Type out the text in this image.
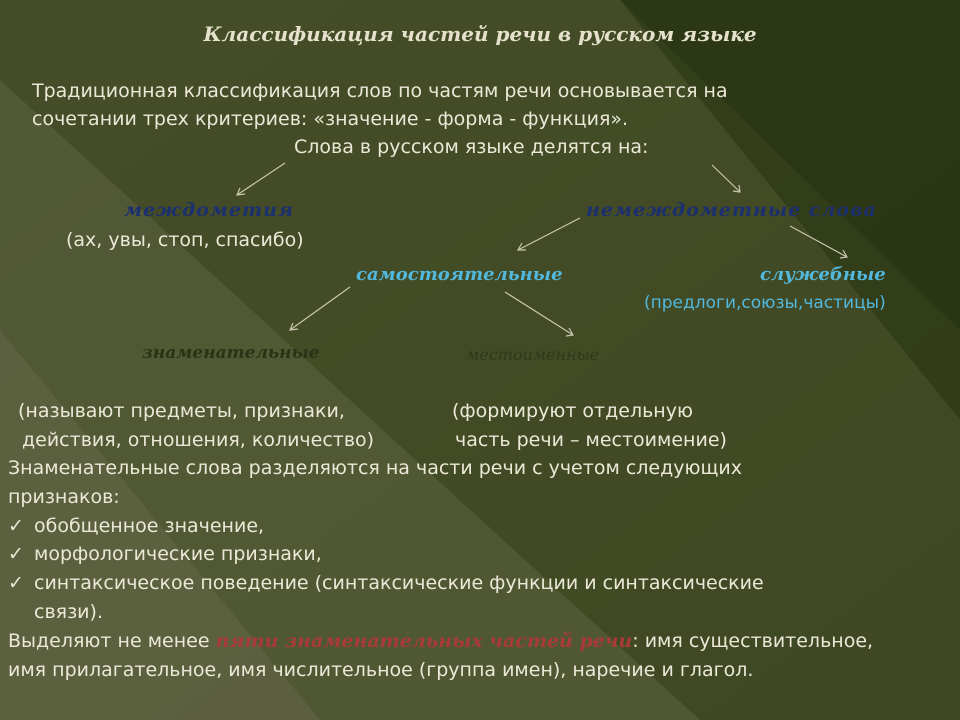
Классификация частей речи в русском языке
Традиционная классификация слов по частям речи основывается на
сочетании трех критериев: «значение - форма - функция».
Слова в русском языке делятся на:
междометия
(ах, увы, стоп, спасибо)
немеждометные слова
самостоятельные	служебные
(предлоги,союзы,частицы)
знаменательные	местоименные
(называют предметы, признаки,
действия, отношения, количество)
(формируют отдельную
часть речи – местоимение)
Знаменательные слова разделяются на части речи с учетом следующих
признаков:
✓ обобщенное значение,
✓ морфологические признаки,
✓ синтаксическое поведение (синтаксические функции и синтаксические
связи).
Выделяют не менее пяти знаменательных частей речи: имя существительное,
имя прилагательное, имя числительное (группа имен), наречие и глагол.
